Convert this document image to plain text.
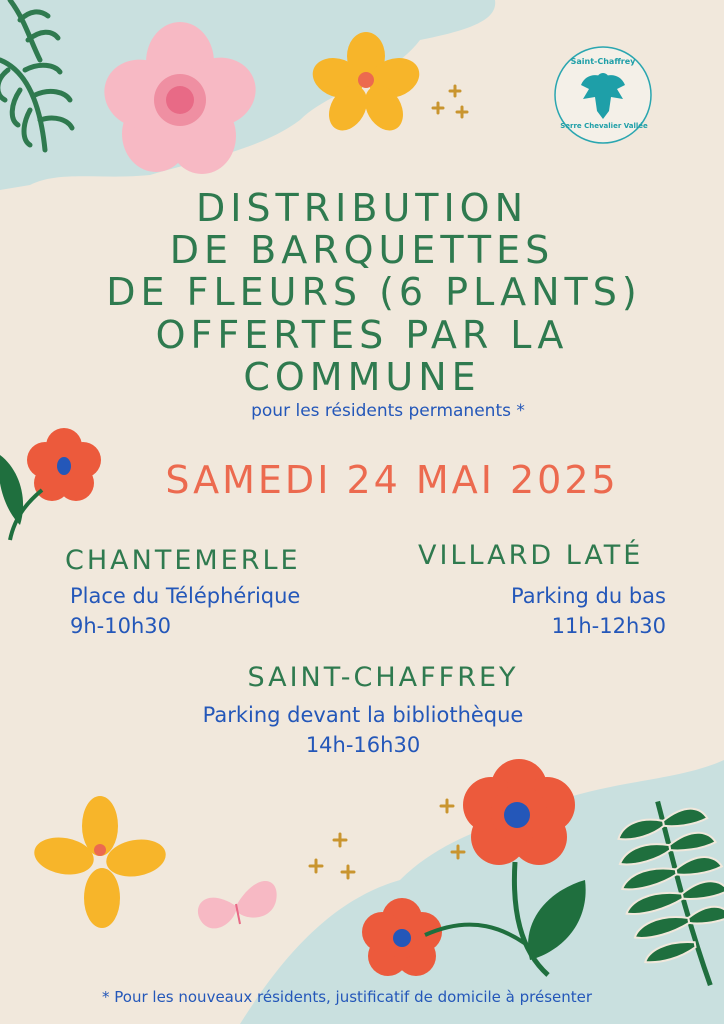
Saint-Chaffrey
Serre Chevalier Vallée
DISTRIBUTION
DE BARQUETTES
DE FLEURS (6 PLANTS)
OFFERTES PAR LA
COMMUNE
pour les résidents permanents *
SAMEDI 24 MAI 2025
CHANTEMERLE
Place du Téléphérique
9h-10h30
VILLARD LATÉ
Parking du bas
11h-12h30
SAINT-CHAFFREY
Parking devant la bibliothèque
14h-16h30
* Pour les nouveaux résidents, justificatif de domicile à présenter
